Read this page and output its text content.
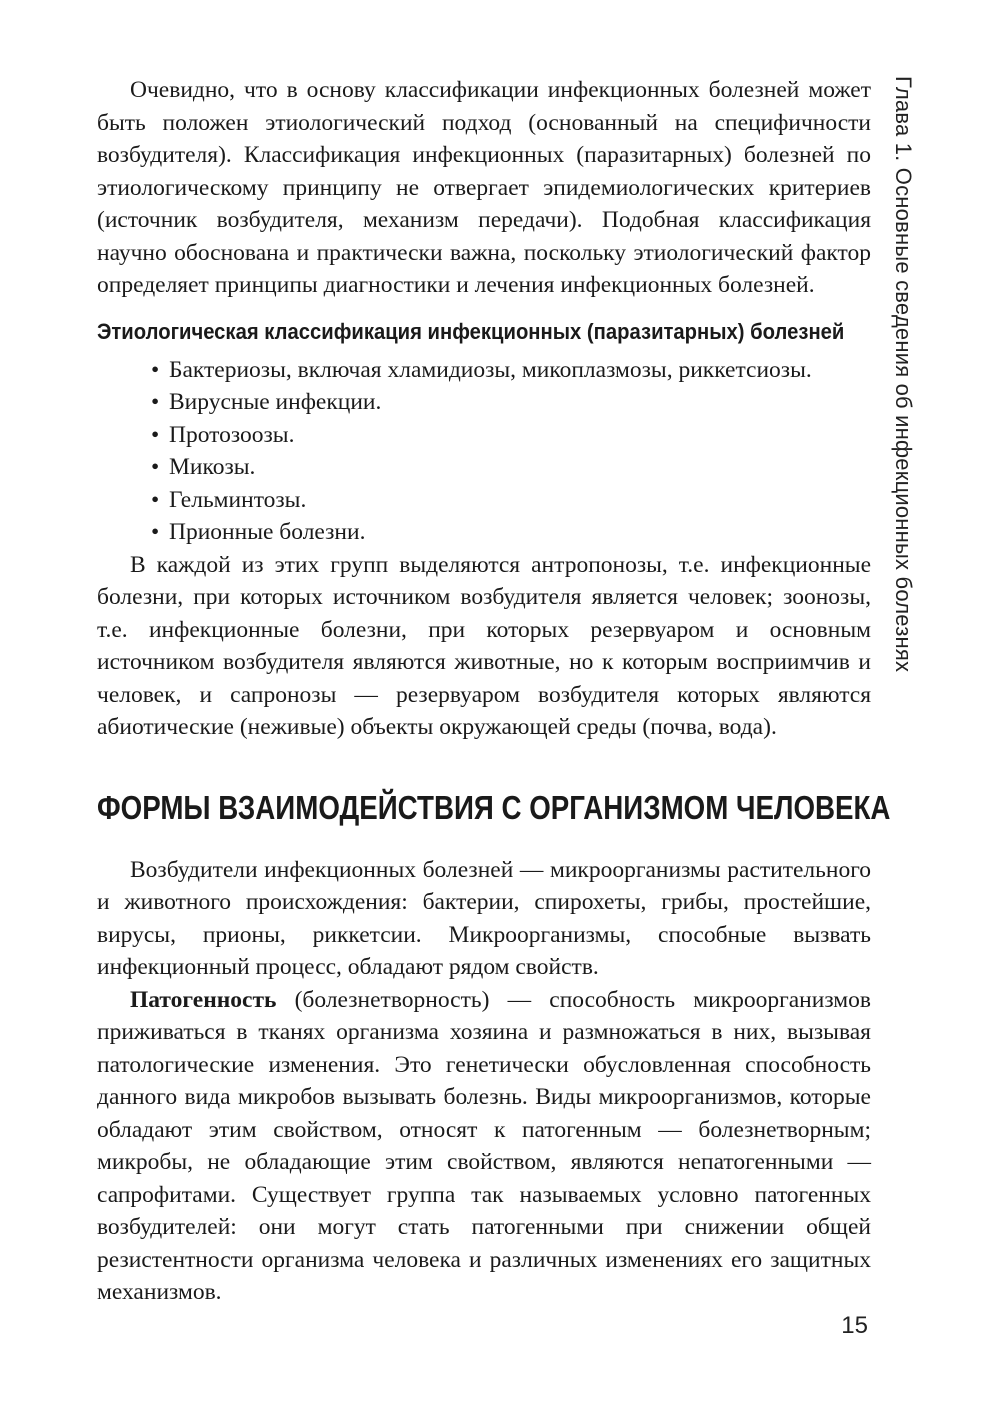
Глава 1. Основные сведения об инфекционных болезнях

Очевидно, что в основу классификации инфекционных болезней может быть положен этиологический подход (основанный на специфичности возбудителя). Классификация инфекционных (паразитарных) болезней по этиологическому принципу не отвергает эпидемиологических критериев (источник возбудителя, механизм передачи). Подобная классификация научно обоснована и практически важна, поскольку этиологический фактор определяет принципы диагностики и лечения инфекционных болезней.

Этиологическая классификация инфекционных (паразитарных) болезней
• Бактериозы, включая хламидиозы, микоплазмозы, риккетсиозы.
• Вирусные инфекции.
• Протозоозы.
• Микозы.
• Гельминтозы.
• Прионные болезни.

В каждой из этих групп выделяются антропонозы, т.е. инфекционные болезни, при которых источником возбудителя является человек; зоонозы, т.е. инфекционные болезни, при которых резервуаром и основным источником возбудителя являются животные, но к которым восприимчив и человек, и сапронозы — резервуаром возбудителя которых являются абиотические (неживые) объекты окружающей среды (почва, вода).

ФОРМЫ ВЗАИМОДЕЙСТВИЯ С ОРГАНИЗМОМ ЧЕЛОВЕКА

Возбудители инфекционных болезней — микроорганизмы растительного и животного происхождения: бактерии, спирохеты, грибы, простейшие, вирусы, прионы, риккетсии. Микроорганизмы, способные вызвать инфекционный процесс, обладают рядом свойств.

Патогенность (болезнетворность) — способность микроорганизмов приживаться в тканях организма хозяина и размножаться в них, вызывая патологические изменения. Это генетически обусловленная способность данного вида микробов вызывать болезнь. Виды микроорганизмов, которые обладают этим свойством, относят к патогенным — болезнетворным; микробы, не обладающие этим свойством, являются непатогенными — сапрофитами. Существует группа так называемых условно патогенных возбудителей: они могут стать патогенными при снижении общей резистентности организма человека и различных изменениях его защитных механизмов.

15
